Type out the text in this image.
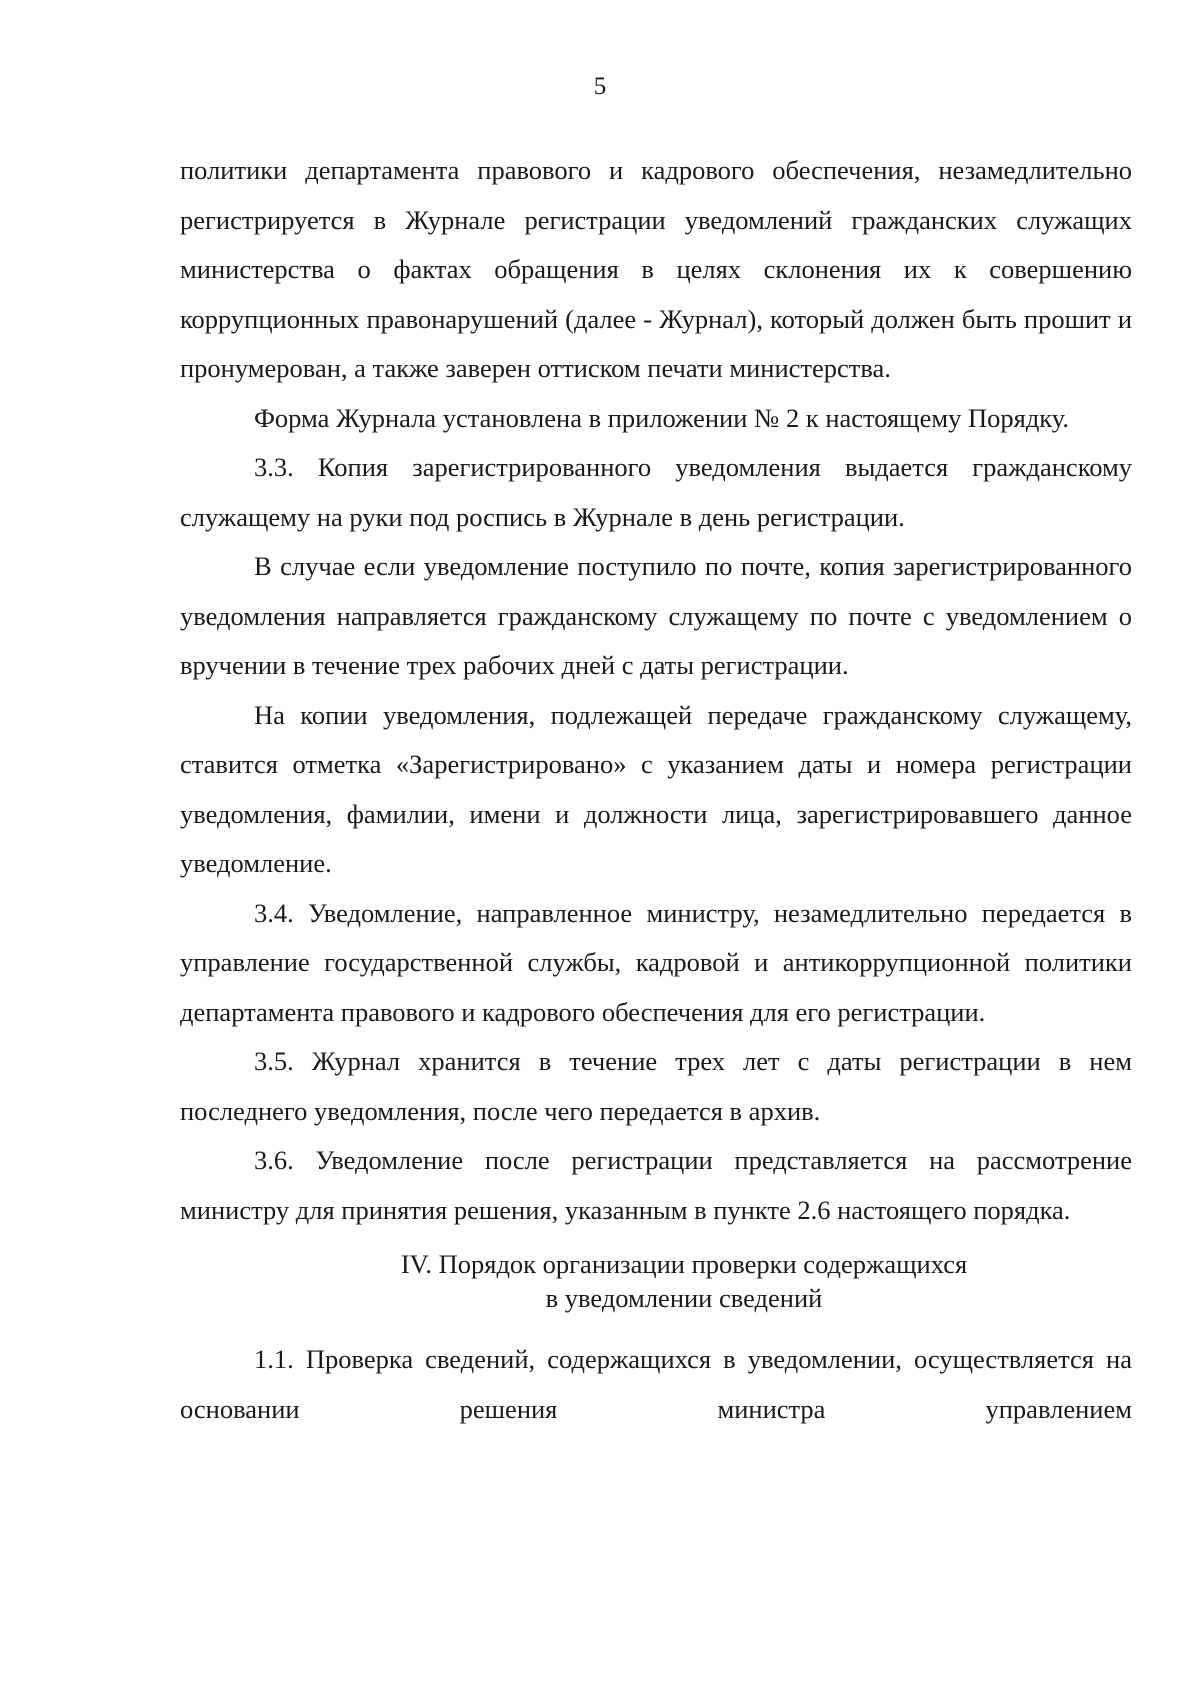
5

политики департамента правового и кадрового обеспечения, незамедлительно регистрируется в Журнале регистрации уведомлений гражданских служащих министерства о фактах обращения в целях склонения их к совершению коррупционных правонарушений (далее - Журнал), который должен быть прошит и пронумерован, а также заверен оттиском печати министерства.

Форма Журнала установлена в приложении № 2 к настоящему Порядку.

3.3. Копия зарегистрированного уведомления выдается гражданскому служащему на руки под роспись в Журнале в день регистрации.

В случае если уведомление поступило по почте, копия зарегистрированного уведомления направляется гражданскому служащему по почте с уведомлением о вручении в течение трех рабочих дней с даты регистрации.

На копии уведомления, подлежащей передаче гражданскому служащему, ставится отметка «Зарегистрировано» с указанием даты и номера регистрации уведомления, фамилии, имени и должности лица, зарегистрировавшего данное уведомление.

3.4. Уведомление, направленное министру, незамедлительно передается в управление государственной службы, кадровой и антикоррупционной политики департамента правового и кадрового обеспечения для его регистрации.

3.5. Журнал хранится в течение трех лет с даты регистрации в нем последнего уведомления, после чего передается в архив.

3.6. Уведомление после регистрации представляется на рассмотрение министру для принятия решения, указанным в пункте 2.6 настоящего порядка.

IV. Порядок организации проверки содержащихся
в уведомлении сведений

1.1. Проверка сведений, содержащихся в уведомлении, осуществляется на основании решения министра управлением
